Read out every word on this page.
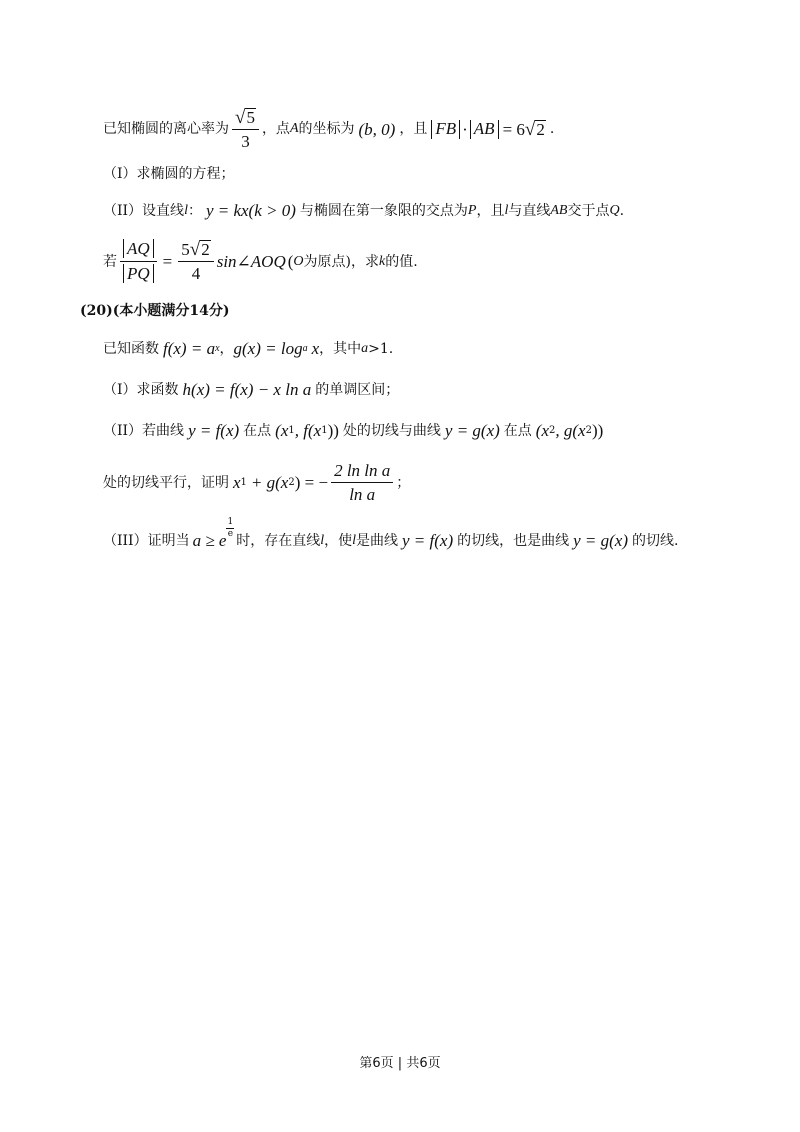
已知椭圆的离心率为 $\frac{√ 5}{3}$ ，点 A 的坐标为 (b, 0) ，且 FB · AB = 6 √ 2 .
（I）求椭圆的方程；
（II）设直线 l ： y = kx(k > 0) 与椭圆在第一象限的交点为 P ，且 l 与直线 AB 交于点 Q .
若 $\frac{AQ}{PQ} = \frac{5 √ 2}{4}$ sin∠AOQ ( O 为原点) ，求 k 的值.
(20)(本小题满分14分)
已知函数 f(x) = a x ， g(x) = log a x ，其中 a >1.
（I）求函数 h(x) = f(x) − x ln a 的单调区间；
（II）若曲线 y = f(x) 在点 (x 1 , f(x 1 )) 处的切线与曲线 y = g(x) 在点 (x 2 , g(x 2 ))
处的切线平行，证明 x 1 + g(x 2 ) = − $\frac{\text{2 ln ln a}}{\text{ln a}}$ ；
（III）证明当 a ≥ e
$\frac{1}{e}$
时，存在直线 l ，使 l 是曲线 y = f(x) 的切线，也是曲线 y = g(x) 的切线.
第6页 | 共6页
